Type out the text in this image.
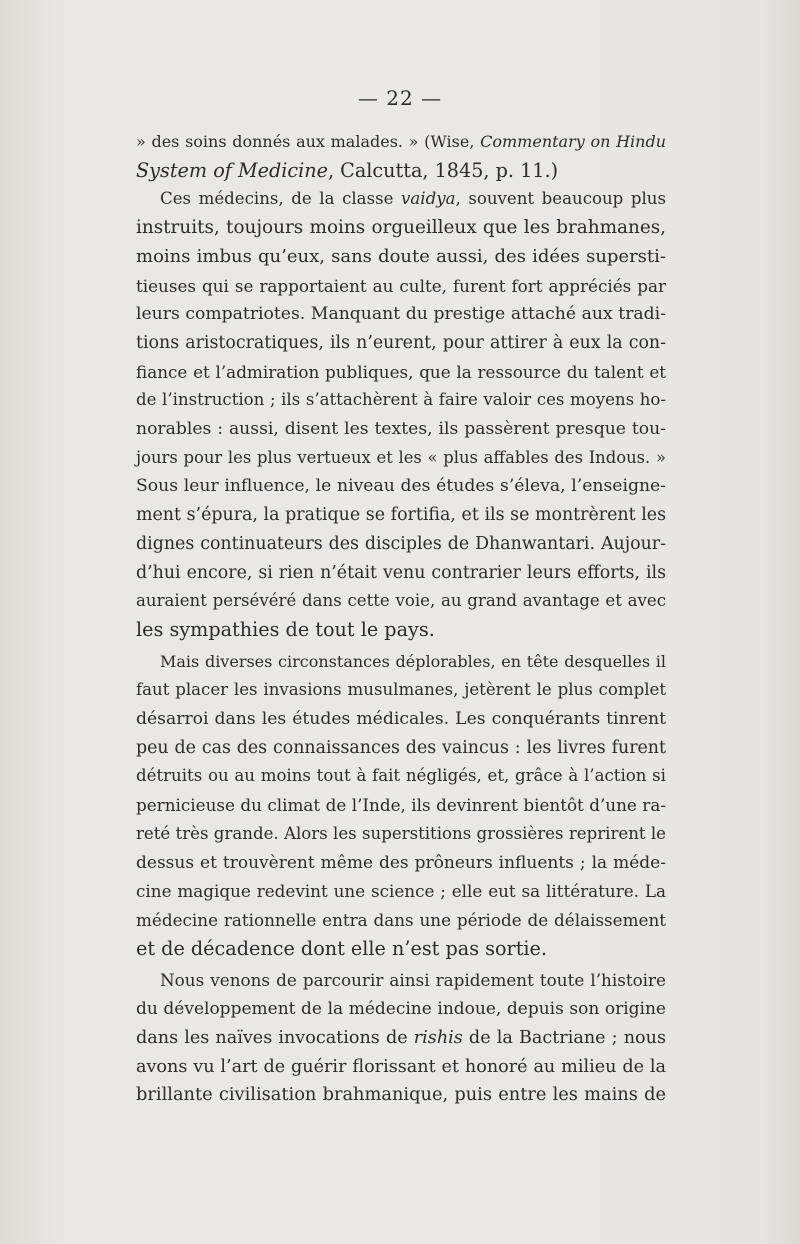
— 22 —
» des soins donnés aux malades. » (Wise, Commentary on Hindu
System of Medicine, Calcutta, 1845, p. 11.)
Ces médecins, de la classe vaidya, souvent beaucoup plus
instruits, toujours moins orgueilleux que les brahmanes,
moins imbus qu’eux, sans doute aussi, des idées supersti-
tieuses qui se rapportaient au culte, furent fort appréciés par
leurs compatriotes. Manquant du prestige attaché aux tradi-
tions aristocratiques, ils n’eurent, pour attirer à eux la con-
fiance et l’admiration publiques, que la ressource du talent et
de l’instruction ; ils s’attachèrent à faire valoir ces moyens ho-
norables : aussi, disent les textes, ils passèrent presque tou-
jours pour les plus vertueux et les « plus affables des Indous. »
Sous leur influence, le niveau des études s’éleva, l’enseigne-
ment s’épura, la pratique se fortifia, et ils se montrèrent les
dignes continuateurs des disciples de Dhanwantari. Aujour-
d’hui encore, si rien n’était venu contrarier leurs efforts, ils
auraient persévéré dans cette voie, au grand avantage et avec
les sympathies de tout le pays.
Mais diverses circonstances déplorables, en tête desquelles il
faut placer les invasions musulmanes, jetèrent le plus complet
désarroi dans les études médicales. Les conquérants tinrent
peu de cas des connaissances des vaincus : les livres furent
détruits ou au moins tout à fait négligés, et, grâce à l’action si
pernicieuse du climat de l’Inde, ils devinrent bientôt d’une ra-
reté très grande. Alors les superstitions grossières reprirent le
dessus et trouvèrent même des prôneurs influents ; la méde-
cine magique redevint une science ; elle eut sa littérature. La
médecine rationnelle entra dans une période de délaissement
et de décadence dont elle n’est pas sortie.
Nous venons de parcourir ainsi rapidement toute l’histoire
du développement de la médecine indoue, depuis son origine
dans les naïves invocations de rishis de la Bactriane ; nous
avons vu l’art de guérir florissant et honoré au milieu de la
brillante civilisation brahmanique, puis entre les mains de
